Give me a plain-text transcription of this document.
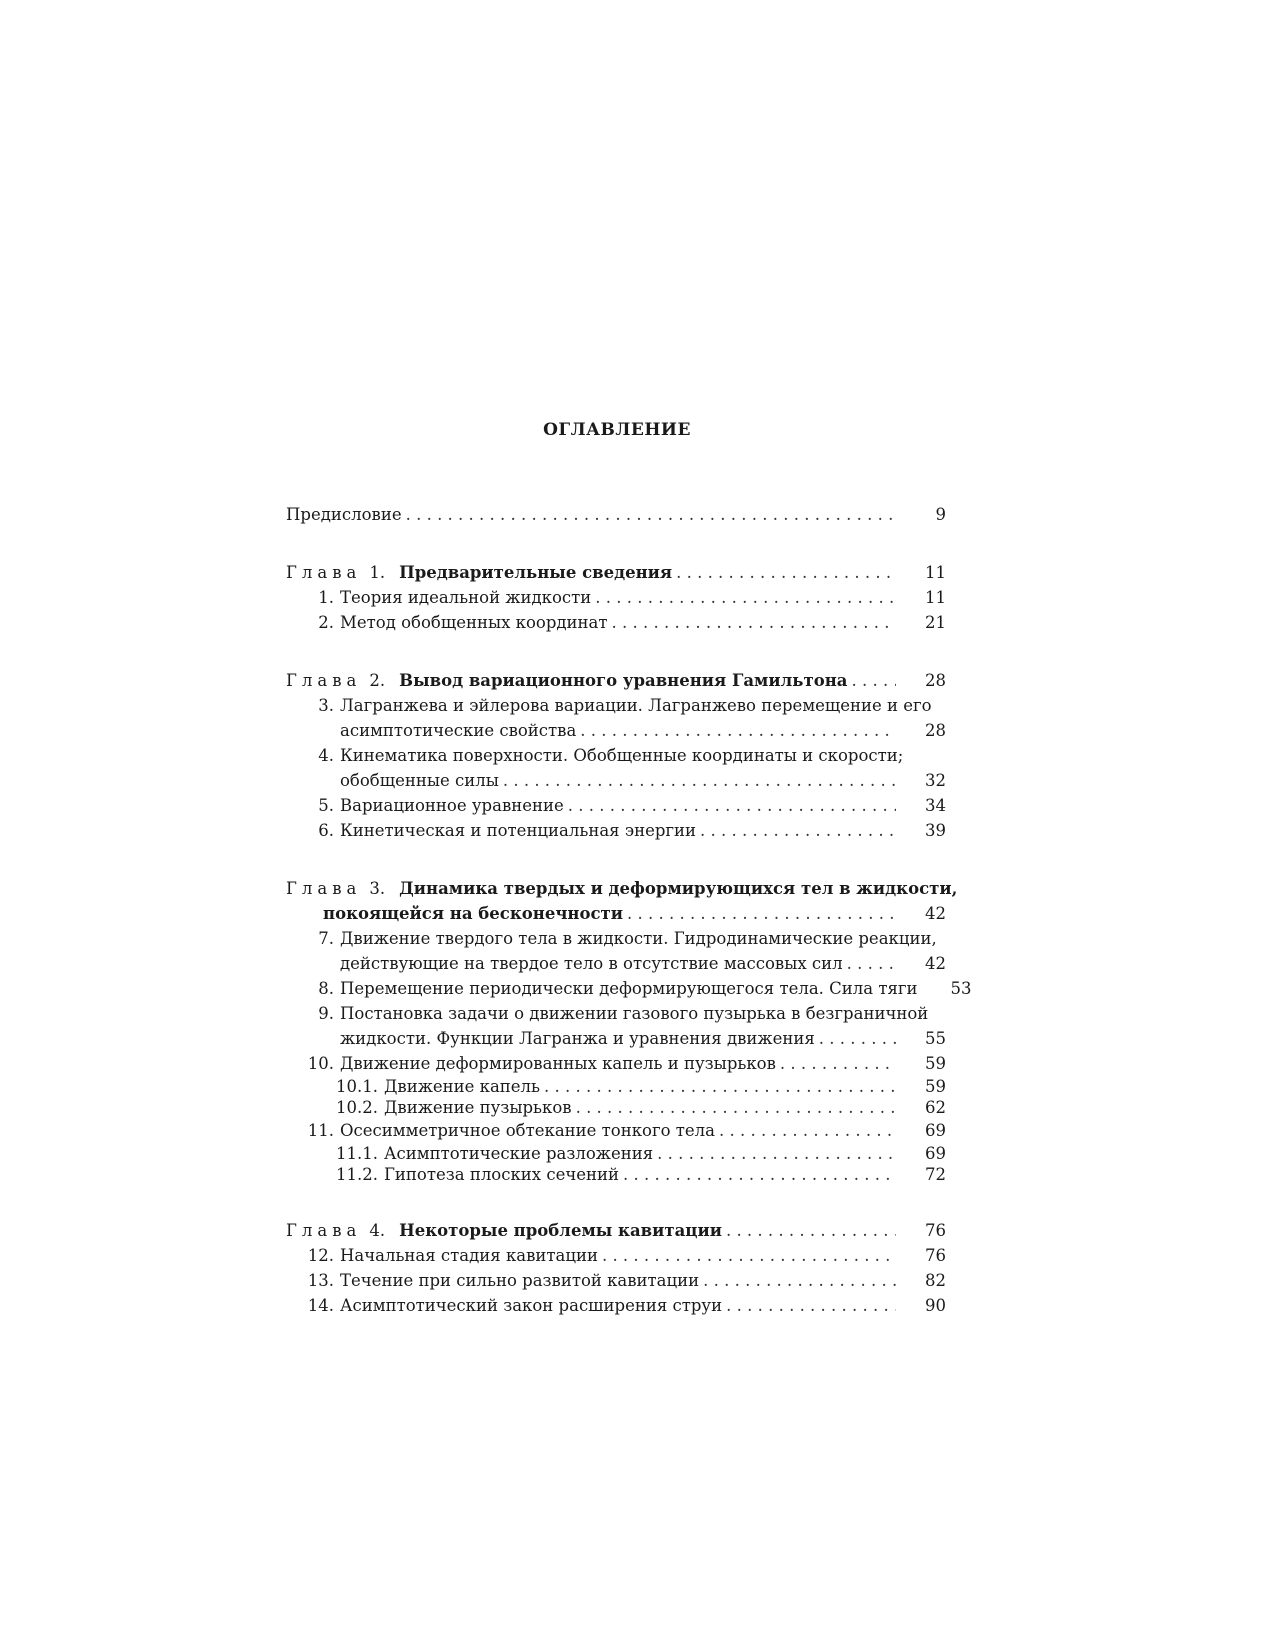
ОГЛАВЛЕНИЕ
Предисловие . . .	9
Глава 1. Предварительные сведения . . .	11
1. Теория идеальной жидкости . . .	11
2. Метод обобщенных координат . . .	21
Глава 2. Вывод вариационного уравнения Гамильтона . . .	28
3. Лагранжева и эйлерова вариации. Лагранжево перемещение и его
асимптотические свойства . . .	28
4. Кинематика поверхности. Обобщенные координаты и скорости;
обобщенные силы . . .	32
5. Вариационное уравнение . . .	34
6. Кинетическая и потенциальная энергии . . .	39
Глава 3. Динамика твердых и деформирующихся тел в жидкости,
покоящейся на бесконечности . . .	42
7. Движение твердого тела в жидкости. Гидродинамические реакции,
действующие на твердое тело в отсутствие массовых сил . . .	42
8. Перемещение периодически деформирующегося тела. Сила тяги	53
9. Постановка задачи о движении газового пузырька в безграничной
жидкости. Функции Лагранжа и уравнения движения . . .	55
10. Движение деформированных капель и пузырьков . . .	59
10.1. Движение капель . . .	59
10.2. Движение пузырьков . . .	62
11. Осесимметричное обтекание тонкого тела . . .	69
11.1. Асимптотические разложения . . .	69
11.2. Гипотеза плоских сечений . . .	72
Глава 4. Некоторые проблемы кавитации . . .	76
12. Начальная стадия кавитации . . .	76
13. Течение при сильно развитой кавитации . . .	82
14. Асимптотический закон расширения струи . . .	90
